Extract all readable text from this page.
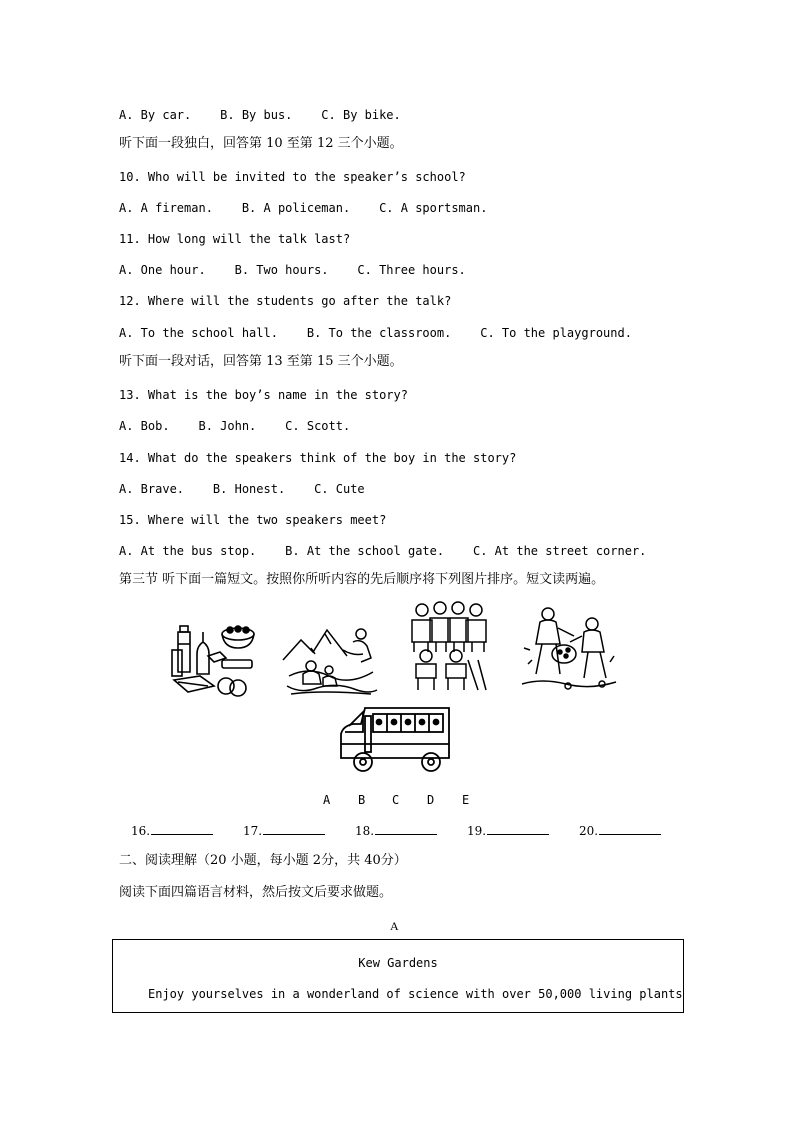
A. By car.    B. By bus.    C. By bike.
听下面一段独白，回答第 10 至第 12 三个小题。
10. Who will be invited to the speaker’s school?
A. A fireman.    B. A policeman.    C. A sportsman.
11. How long will the talk last?
A. One hour.    B. Two hours.    C. Three hours.
12. Where will the students go after the talk?
A. To the school hall.    B. To the classroom.    C. To the playground.
听下面一段对话，回答第 13 至第 15 三个小题。
13. What is the boy’s name in the story?
A. Bob.    B. John.    C. Scott.
14. What do the speakers think of the boy in the story?
A. Brave.    B. Honest.    C. Cute
15. Where will the two speakers meet?
A. At the bus stop.    B. At the school gate.    C. At the street corner.
第三节 听下面一篇短文。按照你所听内容的先后顺序将下列图片排序。短文读两遍。
A B C D E
16.	17.	18.	19.	20.
二、阅读理解（20 小题，每小题 2分，共 40分）
阅读下面四篇语言材料，然后按文后要求做题。
A
Kew Gardens
Enjoy yourselves in a wonderland of science with over 50,000 living plants
